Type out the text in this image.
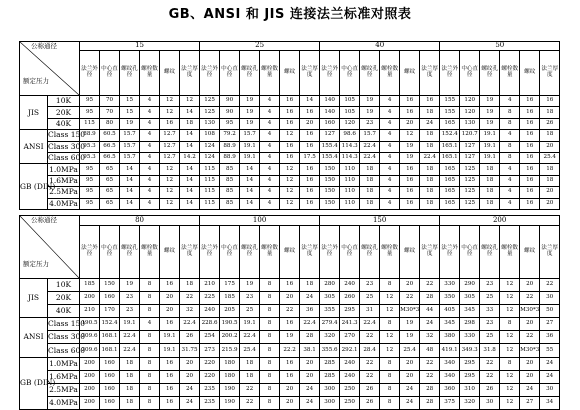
GB、ANSI 和 JIS 连接法兰标准对照表
公称通径
额定压力		15						25						40						50					
		法兰外径	中心直径	螺纹孔径	螺栓数量	螺纹	法兰厚度	法兰外径	中心直径	螺纹孔径	螺栓数量	螺纹	法兰厚度	法兰外径	中心直径	螺纹孔径	螺栓数量	螺纹	法兰厚度	法兰外径	中心直径	螺纹孔径	螺栓数量	螺纹	法兰厚度
JIS	10K	95	70	15	4	12	12	125	90	19	4	16	14	140	105	19	4	16	16	155	120	19	4	16	16
	20K	95	70	15	4	12	14	125	90	19	4	16	16	140	105	19	4	16	18	155	120	19	8	16	18
	40K	115	80	19	4	16	18	130	95	19	4	16	20	160	120	23	4	20	24	165	130	19	8	16	26
ANSI	Class 150	88.9	60.5	15.7	4	12.7	14	108	79.2	15.7	4	12	16	127	98.6	15.7	4	12	18	152.4	120.7	19.1	4	16	18
	Class 300	95.3	66.5	15.7	4	12.7	14	124	88.9	19.1	4	16	16	155.4	114.3	22.4	4	19	18	165.1	127	19.1	8	16	20
	Class 600	95.3	66.5	15.7	4	12.7	14.2	124	88.9	19.1	4	16	17.5	155.4	114.3	22.4	4	19	22.4	165.1	127	19.1	8	16	25.4
GB (DIN)	1.0MPa	95	65	14	4	12	14	115	85	14	4	12	16	150	110	18	4	16	18	165	125	18	4	16	18
	1.6MPa	95	65	14	4	12	14	115	85	14	4	12	16	150	110	18	4	16	18	165	125	18	4	16	18
	2.5MPa	95	65	14	4	12	14	115	85	14	4	12	16	150	110	18	4	16	18	165	125	18	4	16	20
	4.0MPa	95	65	14	4	12	14	115	85	14	4	12	16	150	110	18	4	16	18	165	125	18	4	16	20
公称通径
额定压力		80						100						150						200					
		法兰外径	中心直径	螺纹孔径	螺栓数量	螺纹	法兰厚度	法兰外径	中心直径	螺纹孔径	螺栓数量	螺纹	法兰厚度	法兰外径	中心直径	螺纹孔径	螺栓数量	螺纹	法兰厚度	法兰外径	中心直径	螺纹孔径	螺栓数量	螺纹	法兰厚度
JIS	10K	185	150	19	8	16	18	210	175	19	8	16	18	280	240	23	8	20	22	330	290	23	12	20	22
	20K	200	160	23	8	20	22	225	185	23	8	20	24	305	260	25	12	22	28	350	305	25	12	22	30
	40K	210	170	23	8	20	32	240	205	25	8	22	36	355	295	31	12	M30*3	44	405	345	33	12	M30*3	50
ANSI	Class 150	190.5	152.4	19.1	4	16	22.4	228.6	190.5	19.1	8	16	22.4	279.4	241.3	22.4	8	19	24	345	298	23	8	20	27
	Class 300	209.6	168.1	22.4	8	19.1	26	254	200.2	22.4	8	19	28	320	270	22	12	19	32	380	330	25	12	22	36
	Class 600	209.6	168.1	22.4	8	19.1	31.75	273	215.9	25.4	8	22.2	38.1	355.6	292.1	28.4	12	25.4	48	419.1	349.3	31.8	12	M30*3	55
GB (DIN)	1.0MPa	200	160	18	8	16	20	220	180	18	8	16	20	285	240	22	8	20	22	340	295	22	8	20	24
	1.6MPa	200	160	18	8	16	20	220	180	18	8	16	20	285	240	22	8	20	22	340	295	22	12	20	24
	2.5MPa	200	160	18	8	16	24	235	190	22	8	20	24	300	250	26	8	24	28	360	310	26	12	24	30
	4.0MPa	200	160	18	8	16	24	235	190	22	8	20	24	300	250	26	8	24	28	375	320	30	12	27	34
